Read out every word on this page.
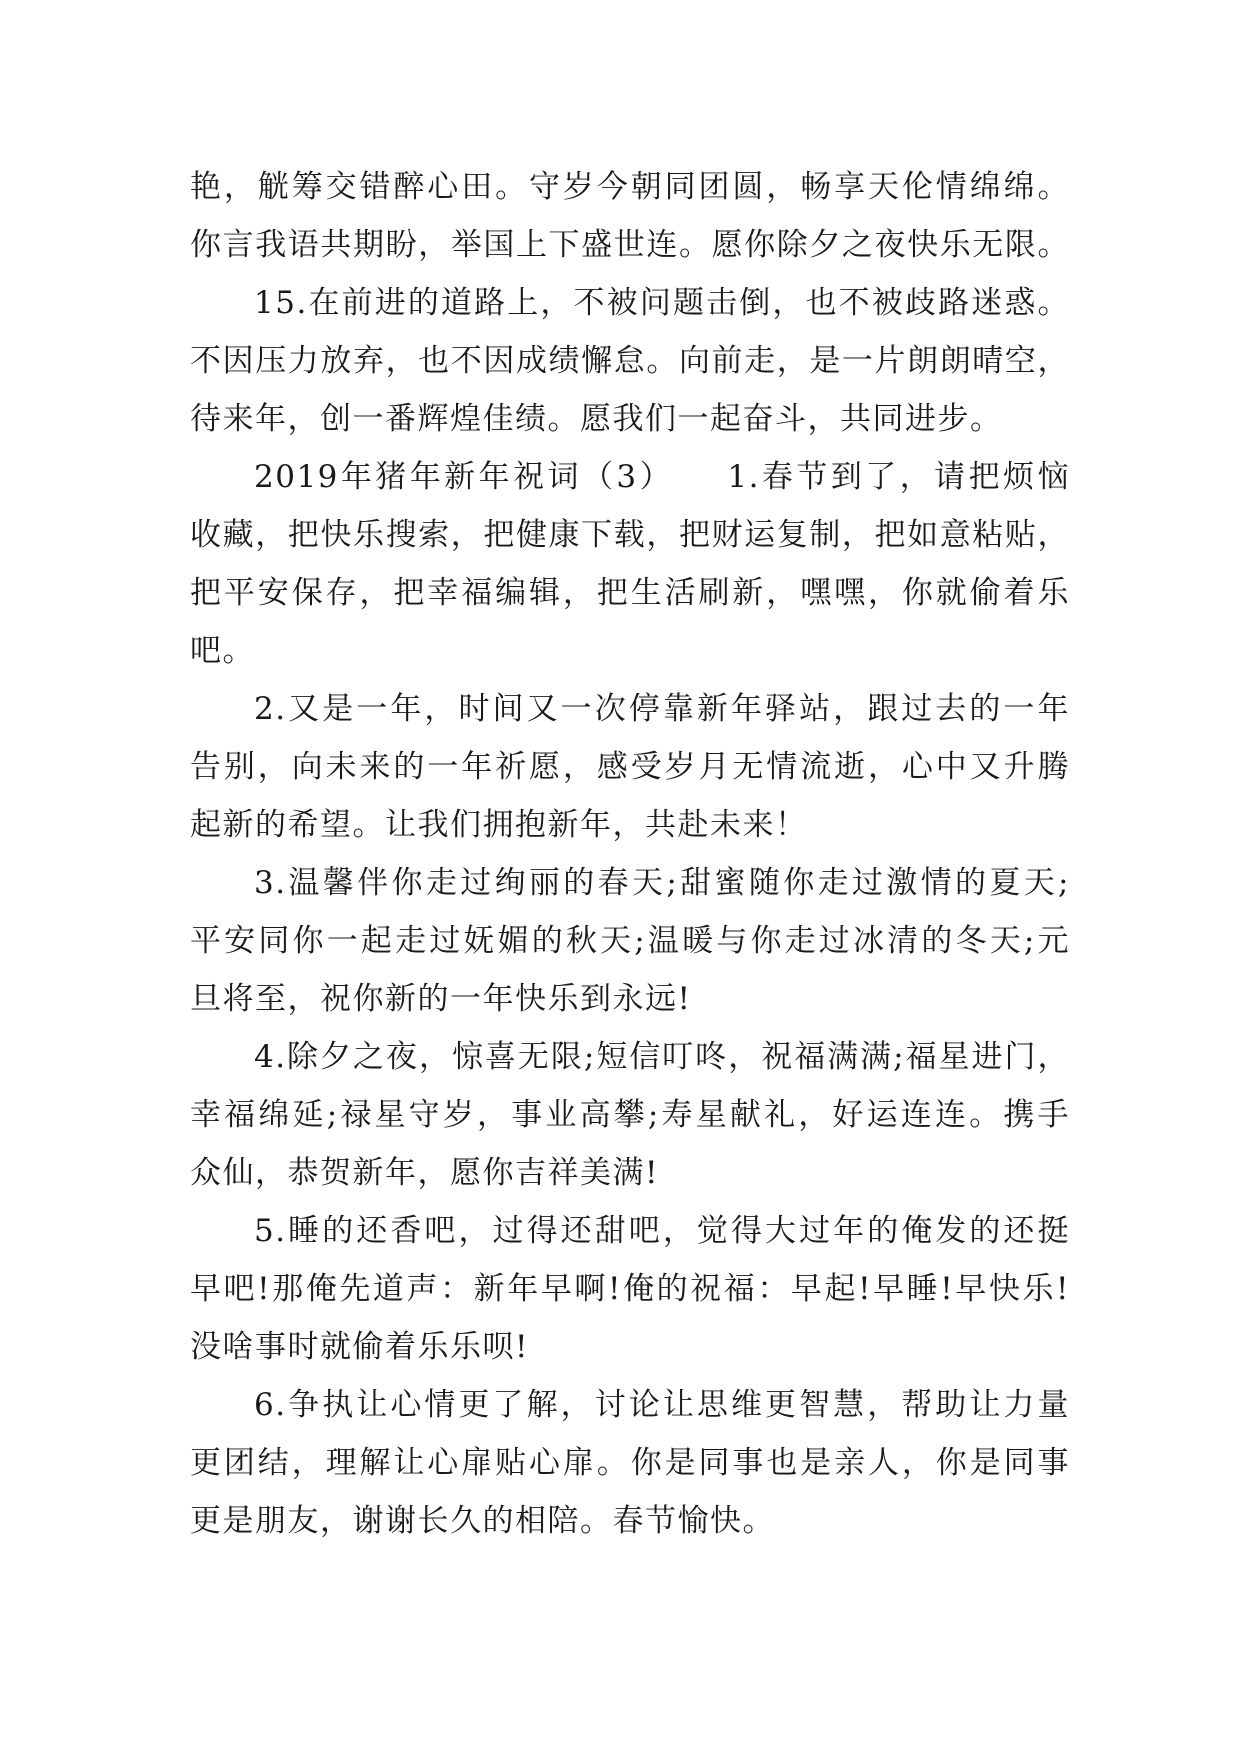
艳，觥筹交错醉心田。守岁今朝同团圆，畅享天伦情绵绵。
你言我语共期盼，举国上下盛世连。愿你除夕之夜快乐无限。
15.在前进的道路上，不被问题击倒，也不被歧路迷惑。
不因压力放弃，也不因成绩懈怠。向前走，是一片朗朗晴空，
待来年，创一番辉煌佳绩。愿我们一起奋斗，共同进步。
2019年猪年新年祝词（3）　　1.春节到了，请把烦恼
收藏，把快乐搜索，把健康下载，把财运复制，把如意粘贴，
把平安保存，把幸福编辑，把生活刷新，嘿嘿，你就偷着乐
吧。
2.又是一年，时间又一次停靠新年驿站，跟过去的一年
告别，向未来的一年祈愿，感受岁月无情流逝，心中又升腾
起新的希望。让我们拥抱新年，共赴未来！
3.温馨伴你走过绚丽的春天;甜蜜随你走过激情的夏天;
平安同你一起走过妩媚的秋天;温暖与你走过冰清的冬天;元
旦将至，祝你新的一年快乐到永远!
4.除夕之夜，惊喜无限;短信叮咚，祝福满满;福星进门，
幸福绵延;禄星守岁，事业高攀;寿星献礼，好运连连。携手
众仙，恭贺新年，愿你吉祥美满!
5.睡的还香吧，过得还甜吧，觉得大过年的俺发的还挺
早吧!那俺先道声：新年早啊!俺的祝福：早起!早睡!早快乐!
没啥事时就偷着乐乐呗!
6.争执让心情更了解，讨论让思维更智慧，帮助让力量
更团结，理解让心扉贴心扉。你是同事也是亲人，你是同事
更是朋友，谢谢长久的相陪。春节愉快。
